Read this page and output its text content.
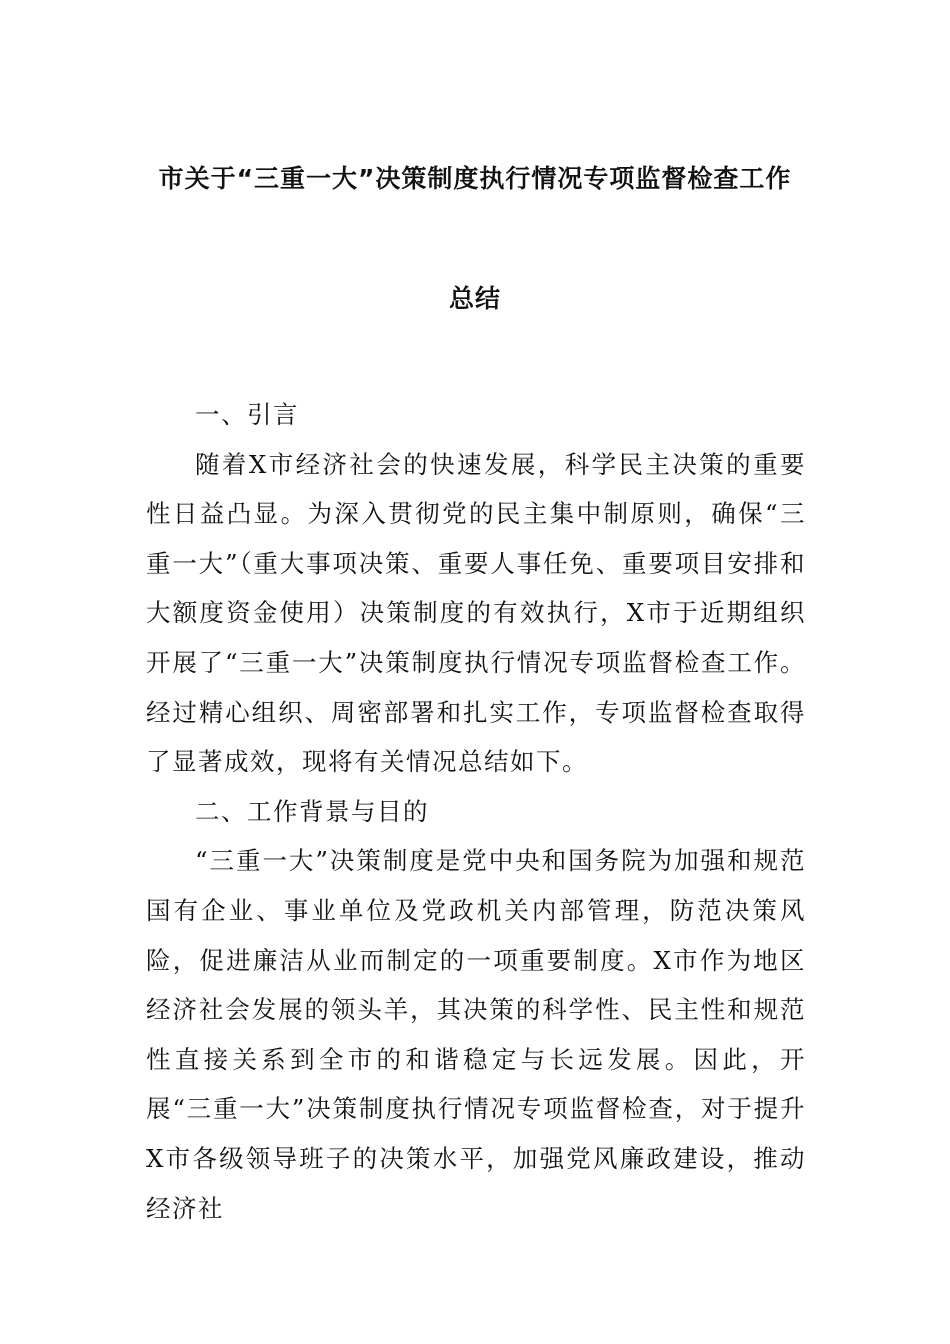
市关于“三重一大”决策制度执行情况专项监督检查工作
总结

一、引言

随着X市经济社会的快速发展，科学民主决策的重要性日益凸显。为深入贯彻党的民主集中制原则，确保“三重一大”（重大事项决策、重要人事任免、重要项目安排和大额度资金使用）决策制度的有效执行，X市于近期组织开展了“三重一大”决策制度执行情况专项监督检查工作。经过精心组织、周密部署和扎实工作，专项监督检查取得了显著成效，现将有关情况总结如下。

二、工作背景与目的

“三重一大”决策制度是党中央和国务院为加强和规范国有企业、事业单位及党政机关内部管理，防范决策风险，促进廉洁从业而制定的一项重要制度。X市作为地区经济社会发展的领头羊，其决策的科学性、民主性和规范性直接关系到全市的和谐稳定与长远发展。因此，开展“三重一大”决策制度执行情况专项监督检查，对于提升X市各级领导班子的决策水平，加强党风廉政建设，推动经济社
